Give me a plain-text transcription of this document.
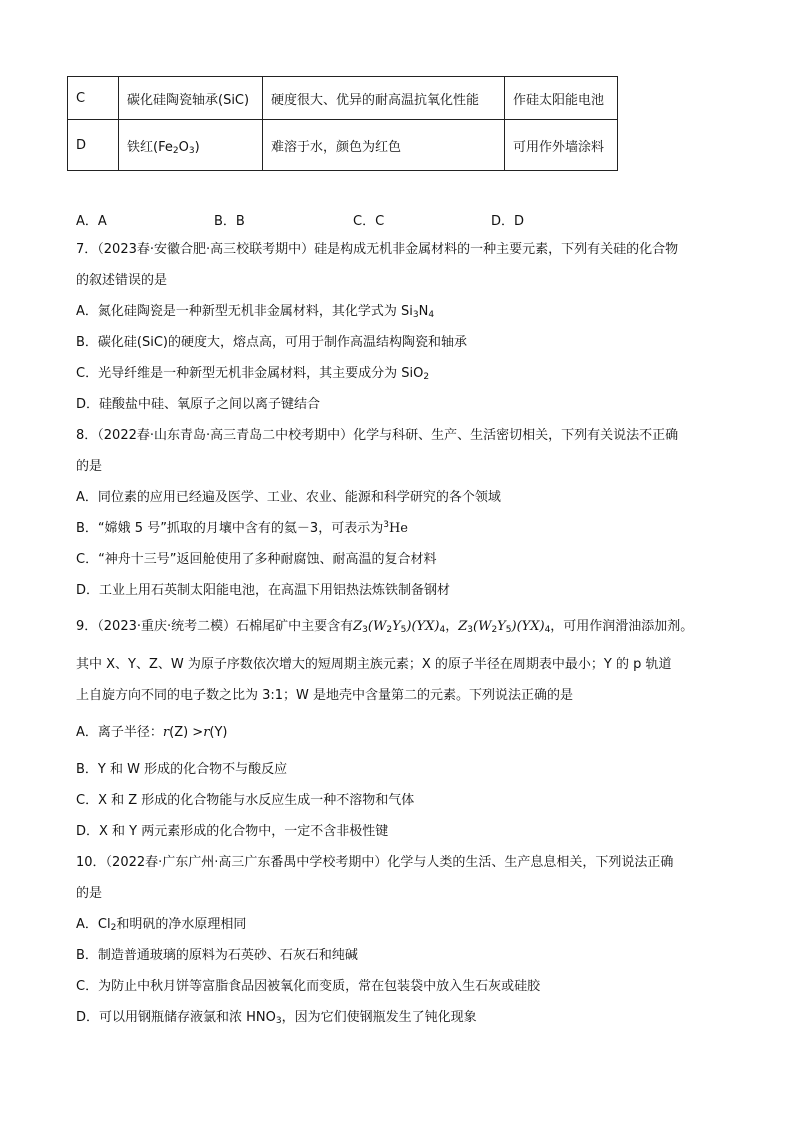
C	碳化硅陶瓷轴承(SiC)	硬度很大、优异的耐高温抗氧化性能	作硅太阳能电池
D	铁红$(Fe_2O_3)$	难溶于水，颜色为红色	可用作外墙涂料
A．A	B．B	C．C	D．D
7．（2023春·安徽合肥·高三校联考期中）硅是构成无机非金属材料的一种主要元素，下列有关硅的化合物
的叙述错误的是
A．氮化硅陶瓷是一种新型无机非金属材料，其化学式为 $Si_3N_4$
B．碳化硅(SiC)的硬度大，熔点高，可用于制作高温结构陶瓷和轴承
C．光导纤维是一种新型无机非金属材料，其主要成分为 SiO$_2$
D．硅酸盐中硅、氧原子之间以离子键结合
8．（2022春·山东青岛·高三青岛二中校考期中）化学与科研、生产、生活密切相关，下列有关说法不正确
的是
A．同位素的应用已经遍及医学、工业、农业、能源和科学研究的各个领域
B．“嫦娥 5 号”抓取的月壤中含有的氦－3，可表示为$^3$He
C．“神舟十三号”返回舱使用了多种耐腐蚀、耐高温的复合材料
D．工业上用石英制太阳能电池，在高温下用铝热法炼铁制备钢材
9．（2023·重庆·统考二模）石棉尾矿中主要含有$Z_3(W_2Y_5)(YX)_4$，$Z_3(W_2Y_5)(YX)_4$，可用作润滑油添加剂。
其中 X、Y、Z、W 为原子序数依次增大的短周期主族元素；X 的原子半径在周期表中最小；Y 的 p 轨道
上自旋方向不同的电子数之比为 3:1；W 是地壳中含量第二的元素。下列说法正确的是
A．离子半径：r(Z) >r(Y)
B．Y 和 W 形成的化合物不与酸反应
C．X 和 Z 形成的化合物能与水反应生成一种不溶物和气体
D．X 和 Y 两元素形成的化合物中，一定不含非极性键
10．（2022春·广东广州·高三广东番禺中学校考期中）化学与人类的生活、生产息息相关，下列说法正确
的是
A．$Cl_2$和明矾的净水原理相同
B．制造普通玻璃的原料为石英砂、石灰石和纯碱
C．为防止中秋月饼等富脂食品因被氧化而变质，常在包装袋中放入生石灰或硅胶
D．可以用钢瓶储存液氯和浓 $HNO_3$，因为它们使钢瓶发生了钝化现象
